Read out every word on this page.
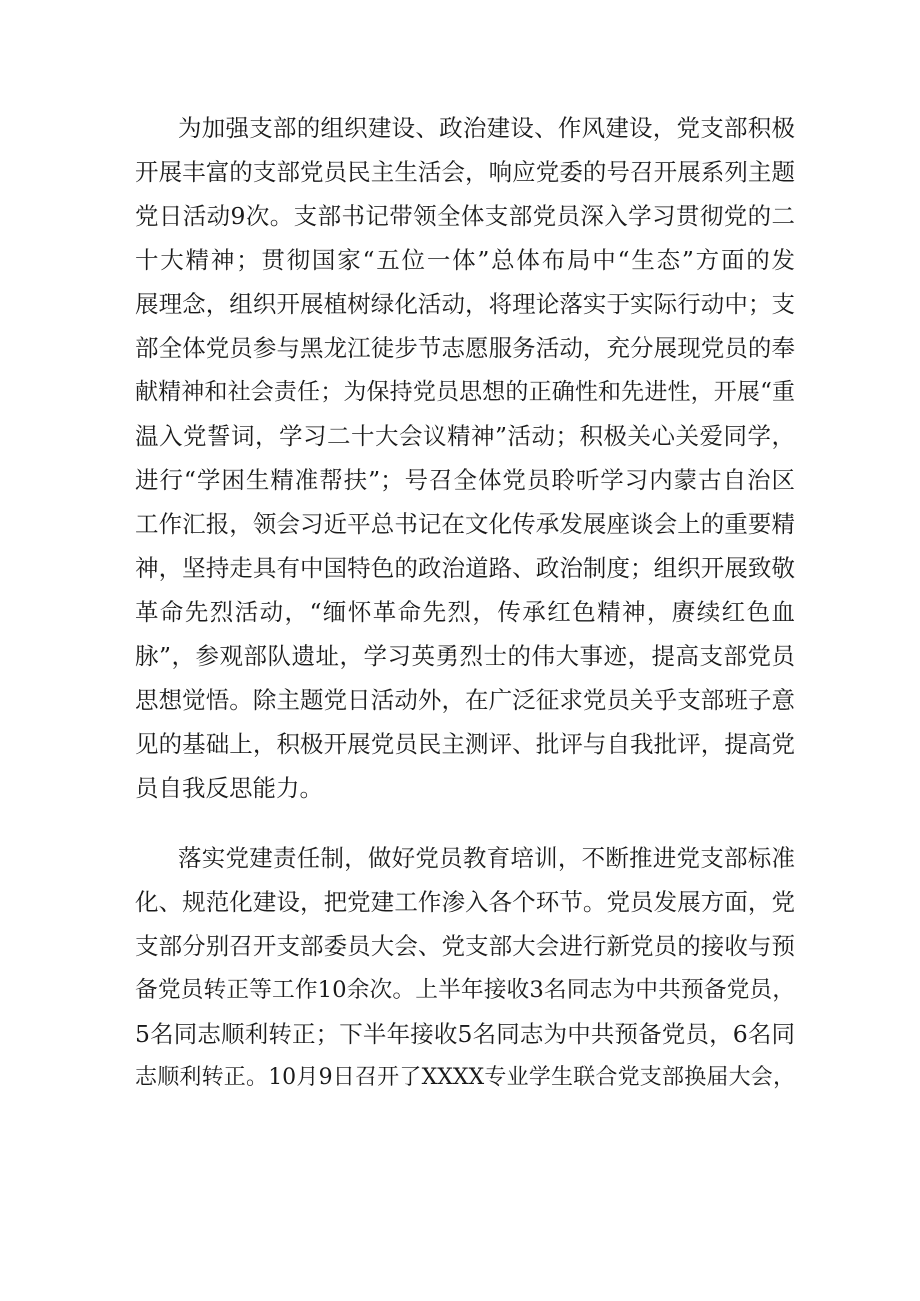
为加强支部的组织建设、政治建设、作风建设，党支部积极

开展丰富的支部党员民主生活会，响应党委的号召开展系列主题

党日活动9次。支部书记带领全体支部党员深入学习贯彻党的二

十大精神；贯彻国家“五位一体”总体布局中“生态”方面的发

展理念，组织开展植树绿化活动，将理论落实于实际行动中；支

部全体党员参与黑龙江徒步节志愿服务活动，充分展现党员的奉

献精神和社会责任；为保持党员思想的正确性和先进性，开展“重

温入党誓词，学习二十大会议精神”活动；积极关心关爱同学，

进行“学困生精准帮扶”；号召全体党员聆听学习内蒙古自治区

工作汇报，领会习近平总书记在文化传承发展座谈会上的重要精

神，坚持走具有中国特色的政治道路、政治制度；组织开展致敬

革命先烈活动，“缅怀革命先烈，传承红色精神，赓续红色血

脉”，参观部队遗址，学习英勇烈士的伟大事迹，提高支部党员

思想觉悟。除主题党日活动外，在广泛征求党员关乎支部班子意

见的基础上，积极开展党员民主测评、批评与自我批评，提高党

员自我反思能力。

落实党建责任制，做好党员教育培训，不断推进党支部标准

化、规范化建设，把党建工作渗入各个环节。党员发展方面，党

支部分别召开支部委员大会、党支部大会进行新党员的接收与预

备党员转正等工作10余次。上半年接收3名同志为中共预备党员，

5名同志顺利转正；下半年接收5名同志为中共预备党员，6名同

志顺利转正。10月9日召开了XXXX专业学生联合党支部换届大会，
